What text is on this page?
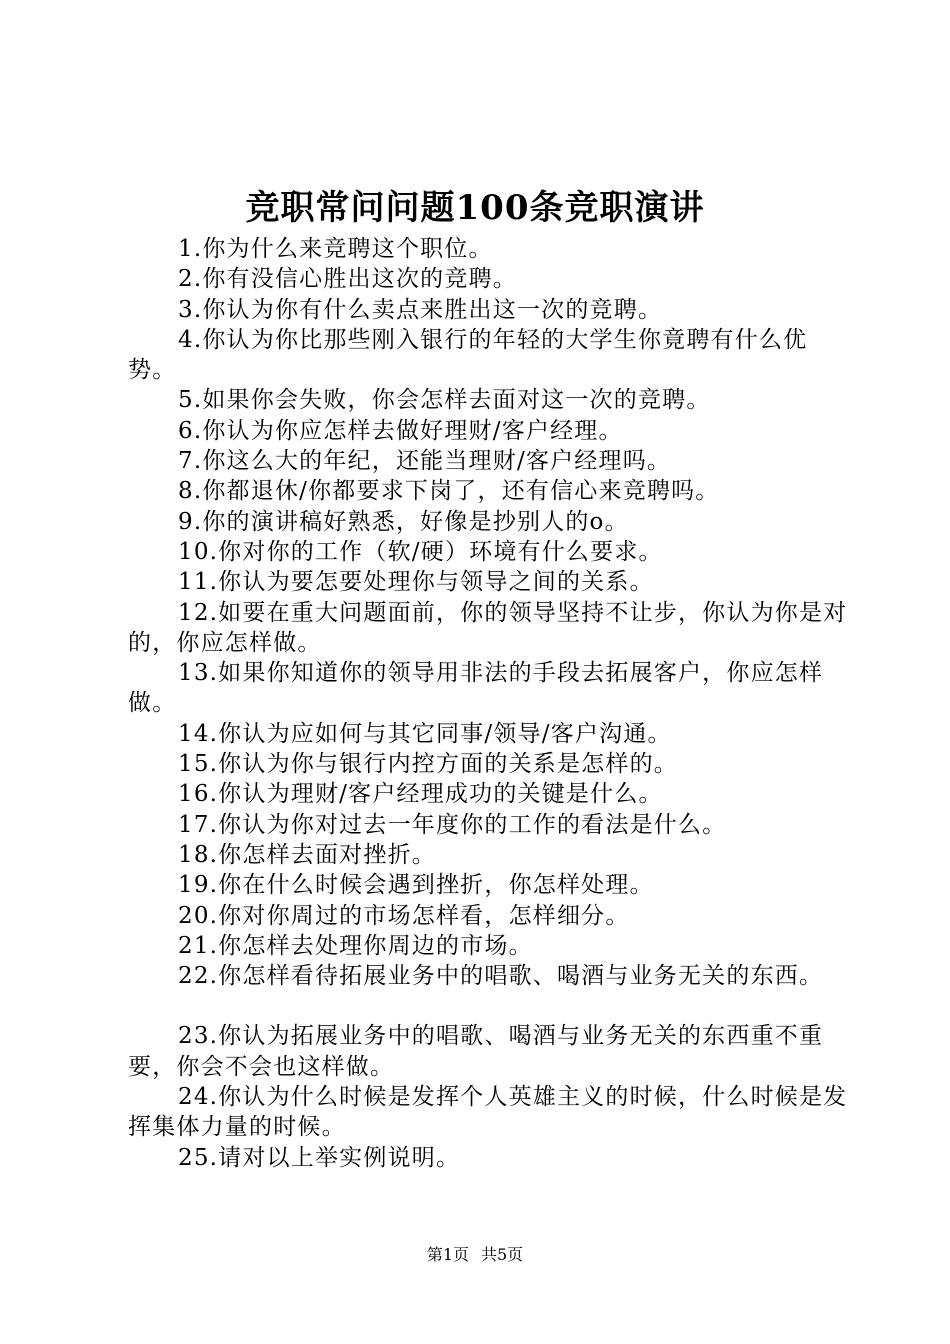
竞职常问问题100条竞职演讲

1.你为什么来竞聘这个职位。

2.你有没信心胜出这次的竞聘。

3.你认为你有什么卖点来胜出这一次的竞聘。

4.你认为你比那些刚入银行的年轻的大学生你竟聘有什么优势。

5.如果你会失败，你会怎样去面对这一次的竞聘。

6.你认为你应怎样去做好理财/客户经理。

7.你这么大的年纪，还能当理财/客户经理吗。

8.你都退休/你都要求下岗了，还有信心来竞聘吗。

9.你的演讲稿好熟悉，好像是抄别人的o。

10.你对你的工作（软/硬）环境有什么要求。

11.你认为要怎要处理你与领导之间的关系。

12.如要在重大问题面前，你的领导坚持不让步，你认为你是对的，你应怎样做。

13.如果你知道你的领导用非法的手段去拓展客户，你应怎样做。

14.你认为应如何与其它同事/领导/客户沟通。

15.你认为你与银行内控方面的关系是怎样的。

16.你认为理财/客户经理成功的关键是什么。

17.你认为你对过去一年度你的工作的看法是什么。

18.你怎样去面对挫折。

19.你在什么时候会遇到挫折，你怎样处理。

20.你对你周过的市场怎样看，怎样细分。

21.你怎样去处理你周边的市场。

22.你怎样看待拓展业务中的唱歌、喝酒与业务无关的东西。

23.你认为拓展业务中的唱歌、喝酒与业务无关的东西重不重要，你会不会也这样做。

24.你认为什么时候是发挥个人英雄主义的时候，什么时候是发挥集体力量的时候。

25.请对以上举实例说明。

第1页 共5页
